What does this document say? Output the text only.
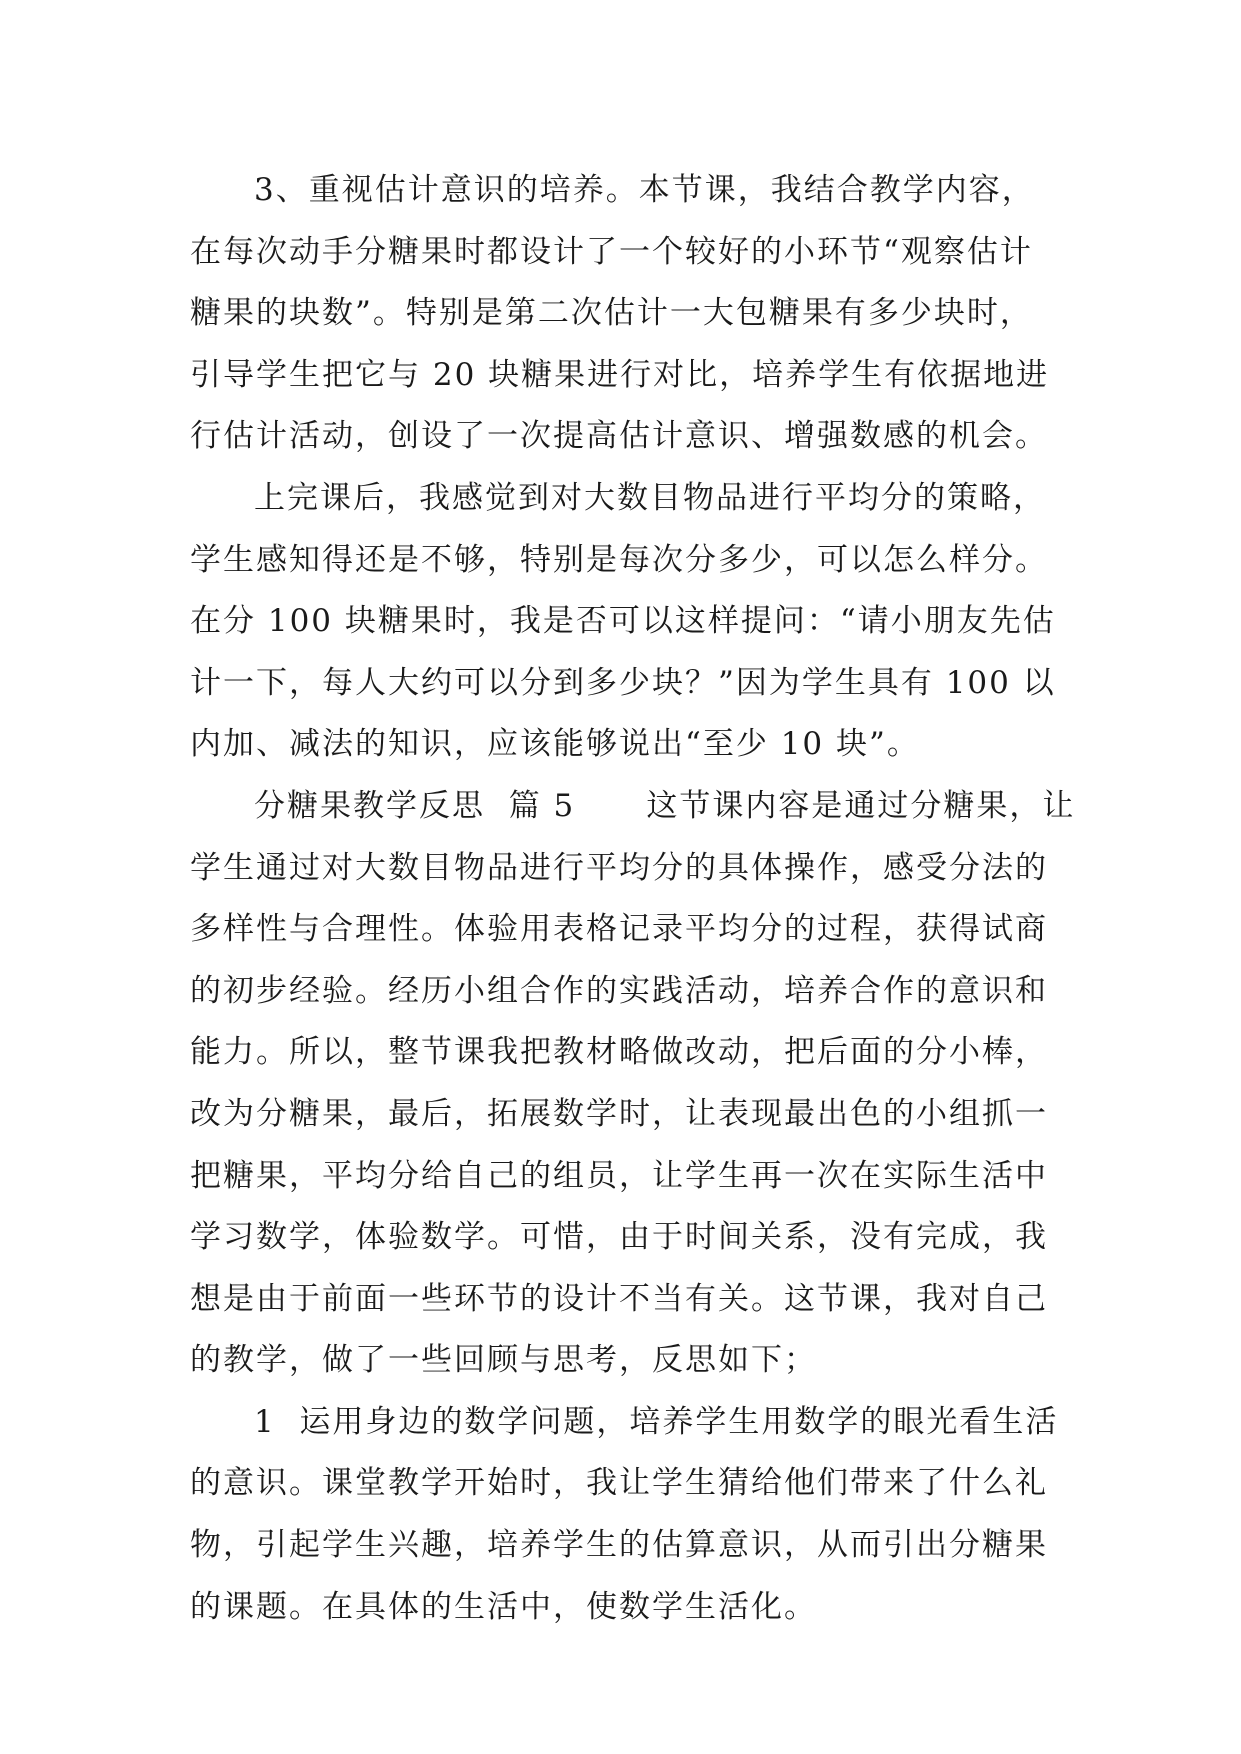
3、重视估计意识的培养。本节课，我结合教学内容，
在每次动手分糖果时都设计了一个较好的小环节“观察估计
糖果的块数”。特别是第二次估计一大包糖果有多少块时，
引导学生把它与 20 块糖果进行对比，培养学生有依据地进
行估计活动，创设了一次提高估计意识、增强数感的机会。
上完课后，我感觉到对大数目物品进行平均分的策略，
学生感知得还是不够，特别是每次分多少，可以怎么样分。
在分 100 块糖果时，我是否可以这样提问：“请小朋友先估
计一下，每人大约可以分到多少块？”因为学生具有 100 以
内加、减法的知识，应该能够说出“至少 10 块”。
分糖果教学反思  篇 5      这节课内容是通过分糖果，让
学生通过对大数目物品进行平均分的具体操作，感受分法的
多样性与合理性。体验用表格记录平均分的过程，获得试商
的初步经验。经历小组合作的实践活动，培养合作的意识和
能力。所以，整节课我把教材略做改动，把后面的分小棒，
改为分糖果，最后，拓展数学时，让表现最出色的小组抓一
把糖果，平均分给自己的组员，让学生再一次在实际生活中
学习数学，体验数学。可惜，由于时间关系，没有完成，我
想是由于前面一些环节的设计不当有关。这节课，我对自己
的教学，做了一些回顾与思考，反思如下；
1  运用身边的数学问题，培养学生用数学的眼光看生活
的意识。课堂教学开始时，我让学生猜给他们带来了什么礼
物，引起学生兴趣，培养学生的估算意识，从而引出分糖果
的课题。在具体的生活中，使数学生活化。
